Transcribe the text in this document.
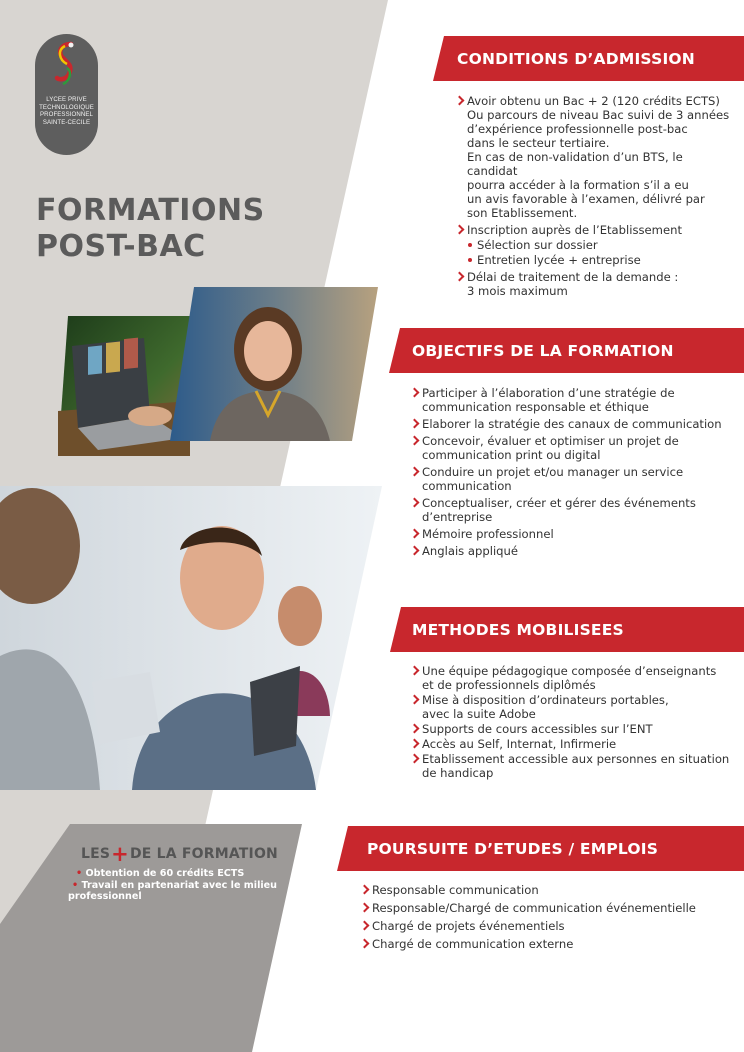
LYCEE PRIVE
TECHNOLOGIQUE
PROFESSIONNEL
SAINTE-CECILE
FORMATIONS
POST-BAC
CONDITIONS D’ADMISSION
Avoir obtenu un Bac + 2 (120 crédits ECTS)
Ou parcours de niveau Bac suivi de 3 années
d’expérience professionnelle post-bac
dans le secteur tertiaire.
En cas de non-validation d’un BTS, le candidat
pourra accéder à la formation s’il a eu
un avis favorable à l’examen, délivré par
son Etablissement.
Inscription auprès de l’Etablissement
Sélection sur dossier
Entretien lycée + entreprise
Délai de traitement de la demande :
3 mois maximum
OBJECTIFS DE LA FORMATION
Participer à l’élaboration d’une stratégie de
communication responsable et éthique
Elaborer la stratégie des canaux de communication
Concevoir, évaluer et optimiser un projet de
communication print ou digital
Conduire un projet et/ou manager un service
communication
Conceptualiser, créer et gérer des événements
d’entreprise
Mémoire professionnel
Anglais appliqué
METHODES MOBILISEES
Une équipe pédagogique composée d’enseignants
et de professionnels diplômés
Mise à disposition d’ordinateurs portables,
avec la suite Adobe
Supports de cours accessibles sur l’ENT
Accès au Self, Internat, Infirmerie
Etablissement accessible aux personnes en situation
de handicap
POURSUITE D’ETUDES / EMPLOIS
Responsable communication
Responsable/Chargé de communication événementielle
Chargé de projets événementiels
Chargé de communication externe
LES + DE LA FORMATION
• Obtention de 60 crédits ECTS
• Travail en partenariat avec le milieu
professionnel
